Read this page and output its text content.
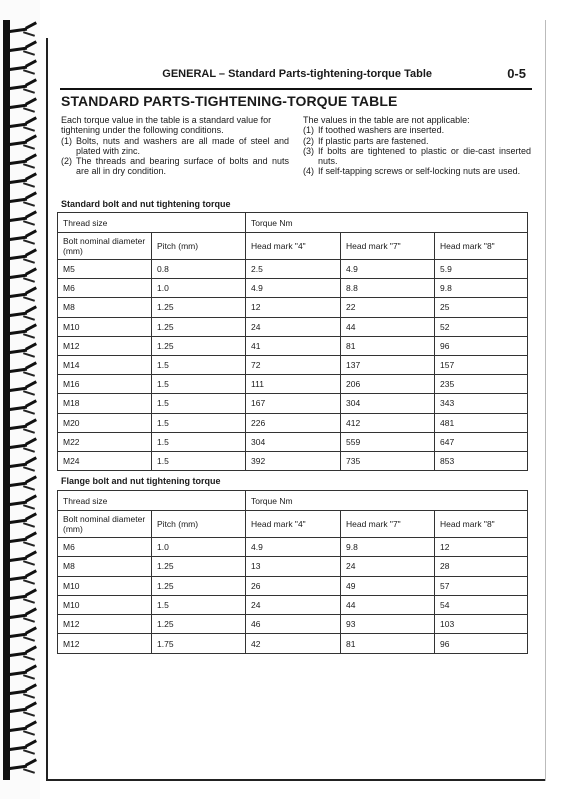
GENERAL – Standard Parts-tightening-torque Table	0-5
STANDARD PARTS-TIGHTENING-TORQUE TABLE

Each torque value in the table is a standard value for tightening under the following conditions.

(1) Bolts, nuts and washers are all made of steel and plated with zinc.
(2) The threads and bearing surface of bolts and nuts are all in dry condition.

The values in the table are not applicable:

(1) If toothed washers are inserted.
(2) If plastic parts are fastened.
(3) If bolts are tightened to plastic or die-cast inserted nuts.
(4) If self-tapping screws or self-locking nuts are used.
Standard bolt and nut tightening torque
Thread size		Torque Nm		
Bolt nominal diameter (mm)	Pitch (mm)	Head mark "4"	Head mark "7"	Head mark "8"
M5	0.8	2.5	4.9	5.9
M6	1.0	4.9	8.8	9.8
M8	1.25	12	22	25
M10	1.25	24	44	52
M12	1.25	41	81	96
M14	1.5	72	137	157
M16	1.5	111	206	235
M18	1.5	167	304	343
M20	1.5	226	412	481
M22	1.5	304	559	647
M24	1.5	392	735	853
Flange bolt and nut tightening torque
Thread size		Torque Nm		
Bolt nominal diameter (mm)	Pitch (mm)	Head mark "4"	Head mark "7"	Head mark "8"
M6	1.0	4.9	9.8	12
M8	1.25	13	24	28
M10	1.25	26	49	57
M10	1.5	24	44	54
M12	1.25	46	93	103
M12	1.75	42	81	96
